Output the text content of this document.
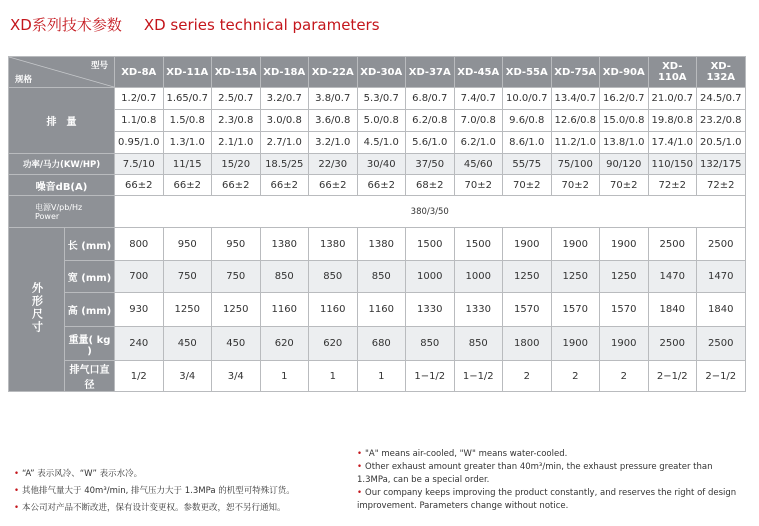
XD系列技术参数 XD series technical parameters
型号
规格		XD-8A	XD-11A	XD-15A	XD-18A	XD-22A	XD-30A	XD-37A	XD-45A	XD-55A	XD-75A	XD-90A	XD-110A	XD-132A
排　量		1.2/0.7	1.65/0.7	2.5/0.7	3.2/0.7	3.8/0.7	5.3/0.7	6.8/0.7	7.4/0.7	10.0/0.7	13.4/0.7	16.2/0.7	21.0/0.7	24.5/0.7
		1.1/0.8	1.5/0.8	2.3/0.8	3.0/0.8	3.6/0.8	5.0/0.8	6.2/0.8	7.0/0.8	9.6/0.8	12.6/0.8	15.0/0.8	19.8/0.8	23.2/0.8
		0.95/1.0	1.3/1.0	2.1/1.0	2.7/1.0	3.2/1.0	4.5/1.0	5.6/1.0	6.2/1.0	8.6/1.0	11.2/1.0	13.8/1.0	17.4/1.0	20.5/1.0
功率/马力(KW/HP)		7.5/10	11/15	15/20	18.5/25	22/30	30/40	37/50	45/60	55/75	75/100	90/120	110/150	132/175
噪音dB(A)		66±2	66±2	66±2	66±2	66±2	66±2	68±2	70±2	70±2	70±2	70±2	72±2	72±2

电源V/pb/Hz
Power		380/3/50												
外形尺寸	长 (mm)	800	950	950	1380	1380	1380	1500	1500	1900	1900	1900	2500	2500
	宽 (mm)	700	750	750	850	850	850	1000	1000	1250	1250	1250	1470	1470
	高 (mm)	930	1250	1250	1160	1160	1160	1330	1330	1570	1570	1570	1840	1840
	重量( kg )	240	450	450	620	620	680	850	850	1800	1900	1900	2500	2500
	排气口直径	1/2	3/4	3/4	1	1	1	1−1/2	1−1/2	2	2	2	2−1/2	2−1/2
• “A” 表示风冷、“W” 表示水冷。
• 其他排气量大于 40m³/min, 排气压力大于 1.3MPa 的机型可特殊订货。
• 本公司对产品不断改进，保有设计变更权。参数更改，恕不另行通知。
• "A" means air-cooled, "W" means water-cooled.
• Other exhaust amount greater than 40m³/min, the exhaust pressure greater than 1.3MPa, can be a special order.
• Our company keeps improving the product constantly, and reserves the right of design improvement. Parameters change without notice.
